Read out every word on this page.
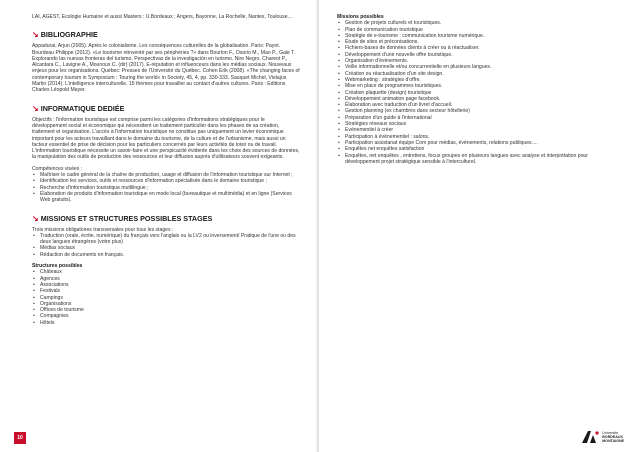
LAI, AGEST, Ecologie Humaine et aussi Masters : U.Bordeaux ; Angers, Bayonne, La Rochelle, Nantes, Toulouse…

↘ BIBLIOGRAPHIE

Appadurai, Arjun (2005). Après le colonialisme. Les conséquences culturelles de la globalisation. Paris: Payot. Bourdeau Philippe (2012). «Le tourisme réinventé par ses périphéries ?» dans Bourlon F., Osorio M., Mao P., Gale T. Explorando las nuevas fronteras del turismo. Perspectivas de la investigación en turismo. Nire Negro. Chareot P., Alcantara C., Lavigne A., Mounoux C. (dir) (2017). E-réputation et influenceurs dans les médias sociaux. Nouveaux enjeux pour les organisations. Québec: Presses de l'Université du Québec. Cohen Erik (2008). «The changing faces of contemporary tourism in Symposium : Touring the world» in Society, 45, 4, pp. 330-333. Sauquet Michel, Vielajus Martin (2014). L'intelligence interculturelle. 15 thèmes pour travailler au contact d'autres cultures. Paris : Editions Charles Léopold Mayer.

↘ INFORMATIQUE DEDIÉE

Objectifs : l'information touristique est comprise parmi les catégories d'informations stratégiques pour le développement social et économique qui nécessitent un traitement particulier dans les phases de sa création, traitement et organisation. L'accès à l'information touristique ne constitue pas uniquement un levier économique important pour les acteurs travaillant dans le domaine du tourisme, de la culture et de l'urbanisme, mais aussi un facteur essentiel de prise de décision pour les particuliers concernés par leurs activités de loisir ou de travail. L'information touristique nécessite un savoir-faire et une perspicacité évidente dans les choix des sources de données, la manipulation des outils de production des ressources et leur diffusion auprès d'utilisateurs souvent exigeants.

Compétences visées :
▪ Maîtriser le cadre général de la chaîne de production, usage et diffusion de l'information touristique sur Internet ;
▪ Identification les services, outils et ressources d'information spécialisée dans le domaine touristique ;
▪ Recherche d'information touristique multilingue ;
▪ Élaboration de produits d'information touristique en mode local (bureautique et multimédia) et en ligne (Services Web gratuits).
↘ MISSIONS ET STRUCTURES POSSIBLES STAGES
Trois missions obligatoires transversales pour tous les stages :
▪ Traduction (orale, écrite, numérique) du français vers l'anglais ou la LV2 ou inversement/ Pratique de l'une ou des deux langues étrangères (votre plus)
▪ Médias sociaux
▪ Rédaction de documents en français.
Structures possibles
▪ Châteaux
▪ Agences
▪ Associations
▪ Festivals
▪ Campings
▪ Organisations
▪ Offices de tourisme
▪ Compagnies
▪ Hôtels
10
Missions possibles
▪ Gestion de projets culturels et touristiques.
▪ Plan de communication touristique
▪ Stratégie de e-tourisme : communication tourisme numérique.
▪ Étude de sites et préconisations.
▪ Fichiers-bases de données clients à créer ou à réactualiser.
▪ Développement d'une nouvelle offre touristique.
▪ Organisation d'évènements.
▪ Veille informationnelle et/ou concurrentielle en plusieurs langues.
▪ Création ou réactualisation d'un site design.
▪ Webmarketing : stratégies d'offre.
▪ Mise en place de programmes touristiques.
▪ Création plaquette (design) touristique
▪ Développement animation page facebook.
▪ Élaboration avec traduction d'un livret d'accueil.
▪ Gestion planning (ex chambres dans secteur hôtellerie)
▪ Préparation d'un guide à l'international
▪ Stratégies réseaux sociaux
▪ Evènementiel à créer
▪ Participation à évènementiel : salons.
▪ Participation assistanat équipe Com pour médias, évènements, relations publiques….
▪ Enquêtes net enquêtes satisfaction
▪ Enquêtes, net enquêtes , entretiens, focus groupes en plusieurs langues avec analyse et interprétation pour développement projet stratégique sensible à l'interculturel.
Université
BORDEAUX
MONTAIGNE
